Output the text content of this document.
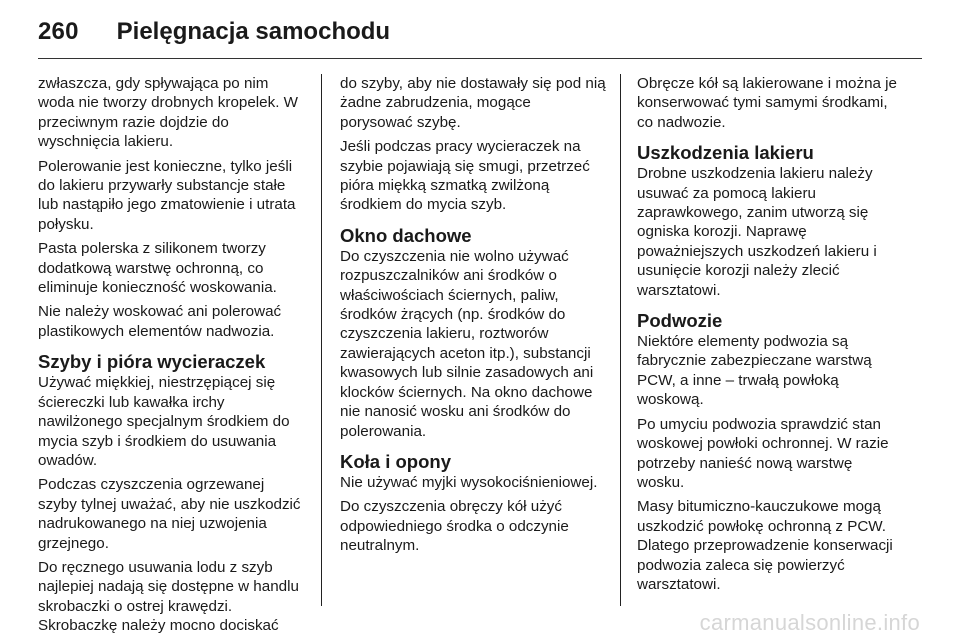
260 Pielęgnacja samochodu

zwłaszcza, gdy spływająca po nim woda nie tworzy drobnych kropelek. W przeciwnym razie dojdzie do wyschnięcia lakieru.

Polerowanie jest konieczne, tylko jeśli do lakieru przywarły substancje stałe lub nastąpiło jego zmatowienie i utrata połysku.

Pasta polerska z silikonem tworzy dodatkową warstwę ochronną, co eliminuje konieczność woskowania.

Nie należy woskować ani polerować plastikowych elementów nadwozia.

Szyby i pióra wycieraczek

Używać miękkiej, niestrzępiącej się ściereczki lub kawałka irchy nawilżonego specjalnym środkiem do mycia szyb i środkiem do usuwania owadów.

Podczas czyszczenia ogrzewanej szyby tylnej uważać, aby nie uszkodzić nadrukowanego na niej uzwojenia grzejnego.

Do ręcznego usuwania lodu z szyb najlepiej nadają się dostępne w handlu skrobaczki o ostrej krawędzi. Skrobaczkę należy mocno dociskać

do szyby, aby nie dostawały się pod nią żadne zabrudzenia, mogące porysować szybę.

Jeśli podczas pracy wycieraczek na szybie pojawiają się smugi, przetrzeć pióra miękką szmatką zwilżoną środkiem do mycia szyb.

Okno dachowe

Do czyszczenia nie wolno używać rozpuszczalników ani środków o właściwościach ściernych, paliw, środków żrących (np. środków do czyszczenia lakieru, roztworów zawierających aceton itp.), substancji kwasowych lub silnie zasadowych ani klocków ściernych. Na okno dachowe nie nanosić wosku ani środków do polerowania.

Koła i opony

Nie używać myjki wysokociśnieniowej.

Do czyszczenia obręczy kół użyć odpowiedniego środka o odczynie neutralnym.

Obręcze kół są lakierowane i można je konserwować tymi samymi środkami, co nadwozie.

Uszkodzenia lakieru

Drobne uszkodzenia lakieru należy usuwać za pomocą lakieru zaprawkowego, zanim utworzą się ogniska korozji. Naprawę poważniejszych uszkodzeń lakieru i usunięcie korozji należy zlecić warsztatowi.

Podwozie

Niektóre elementy podwozia są fabrycznie zabezpieczane warstwą PCW, a inne – trwałą powłoką woskową.

Po umyciu podwozia sprawdzić stan woskowej powłoki ochronnej. W razie potrzeby nanieść nową warstwę wosku.

Masy bitumiczno-kauczukowe mogą uszkodzić powłokę ochronną z PCW. Dlatego przeprowadzenie konserwacji podwozia zaleca się powierzyć warsztatowi.

carmanualsonline.info
